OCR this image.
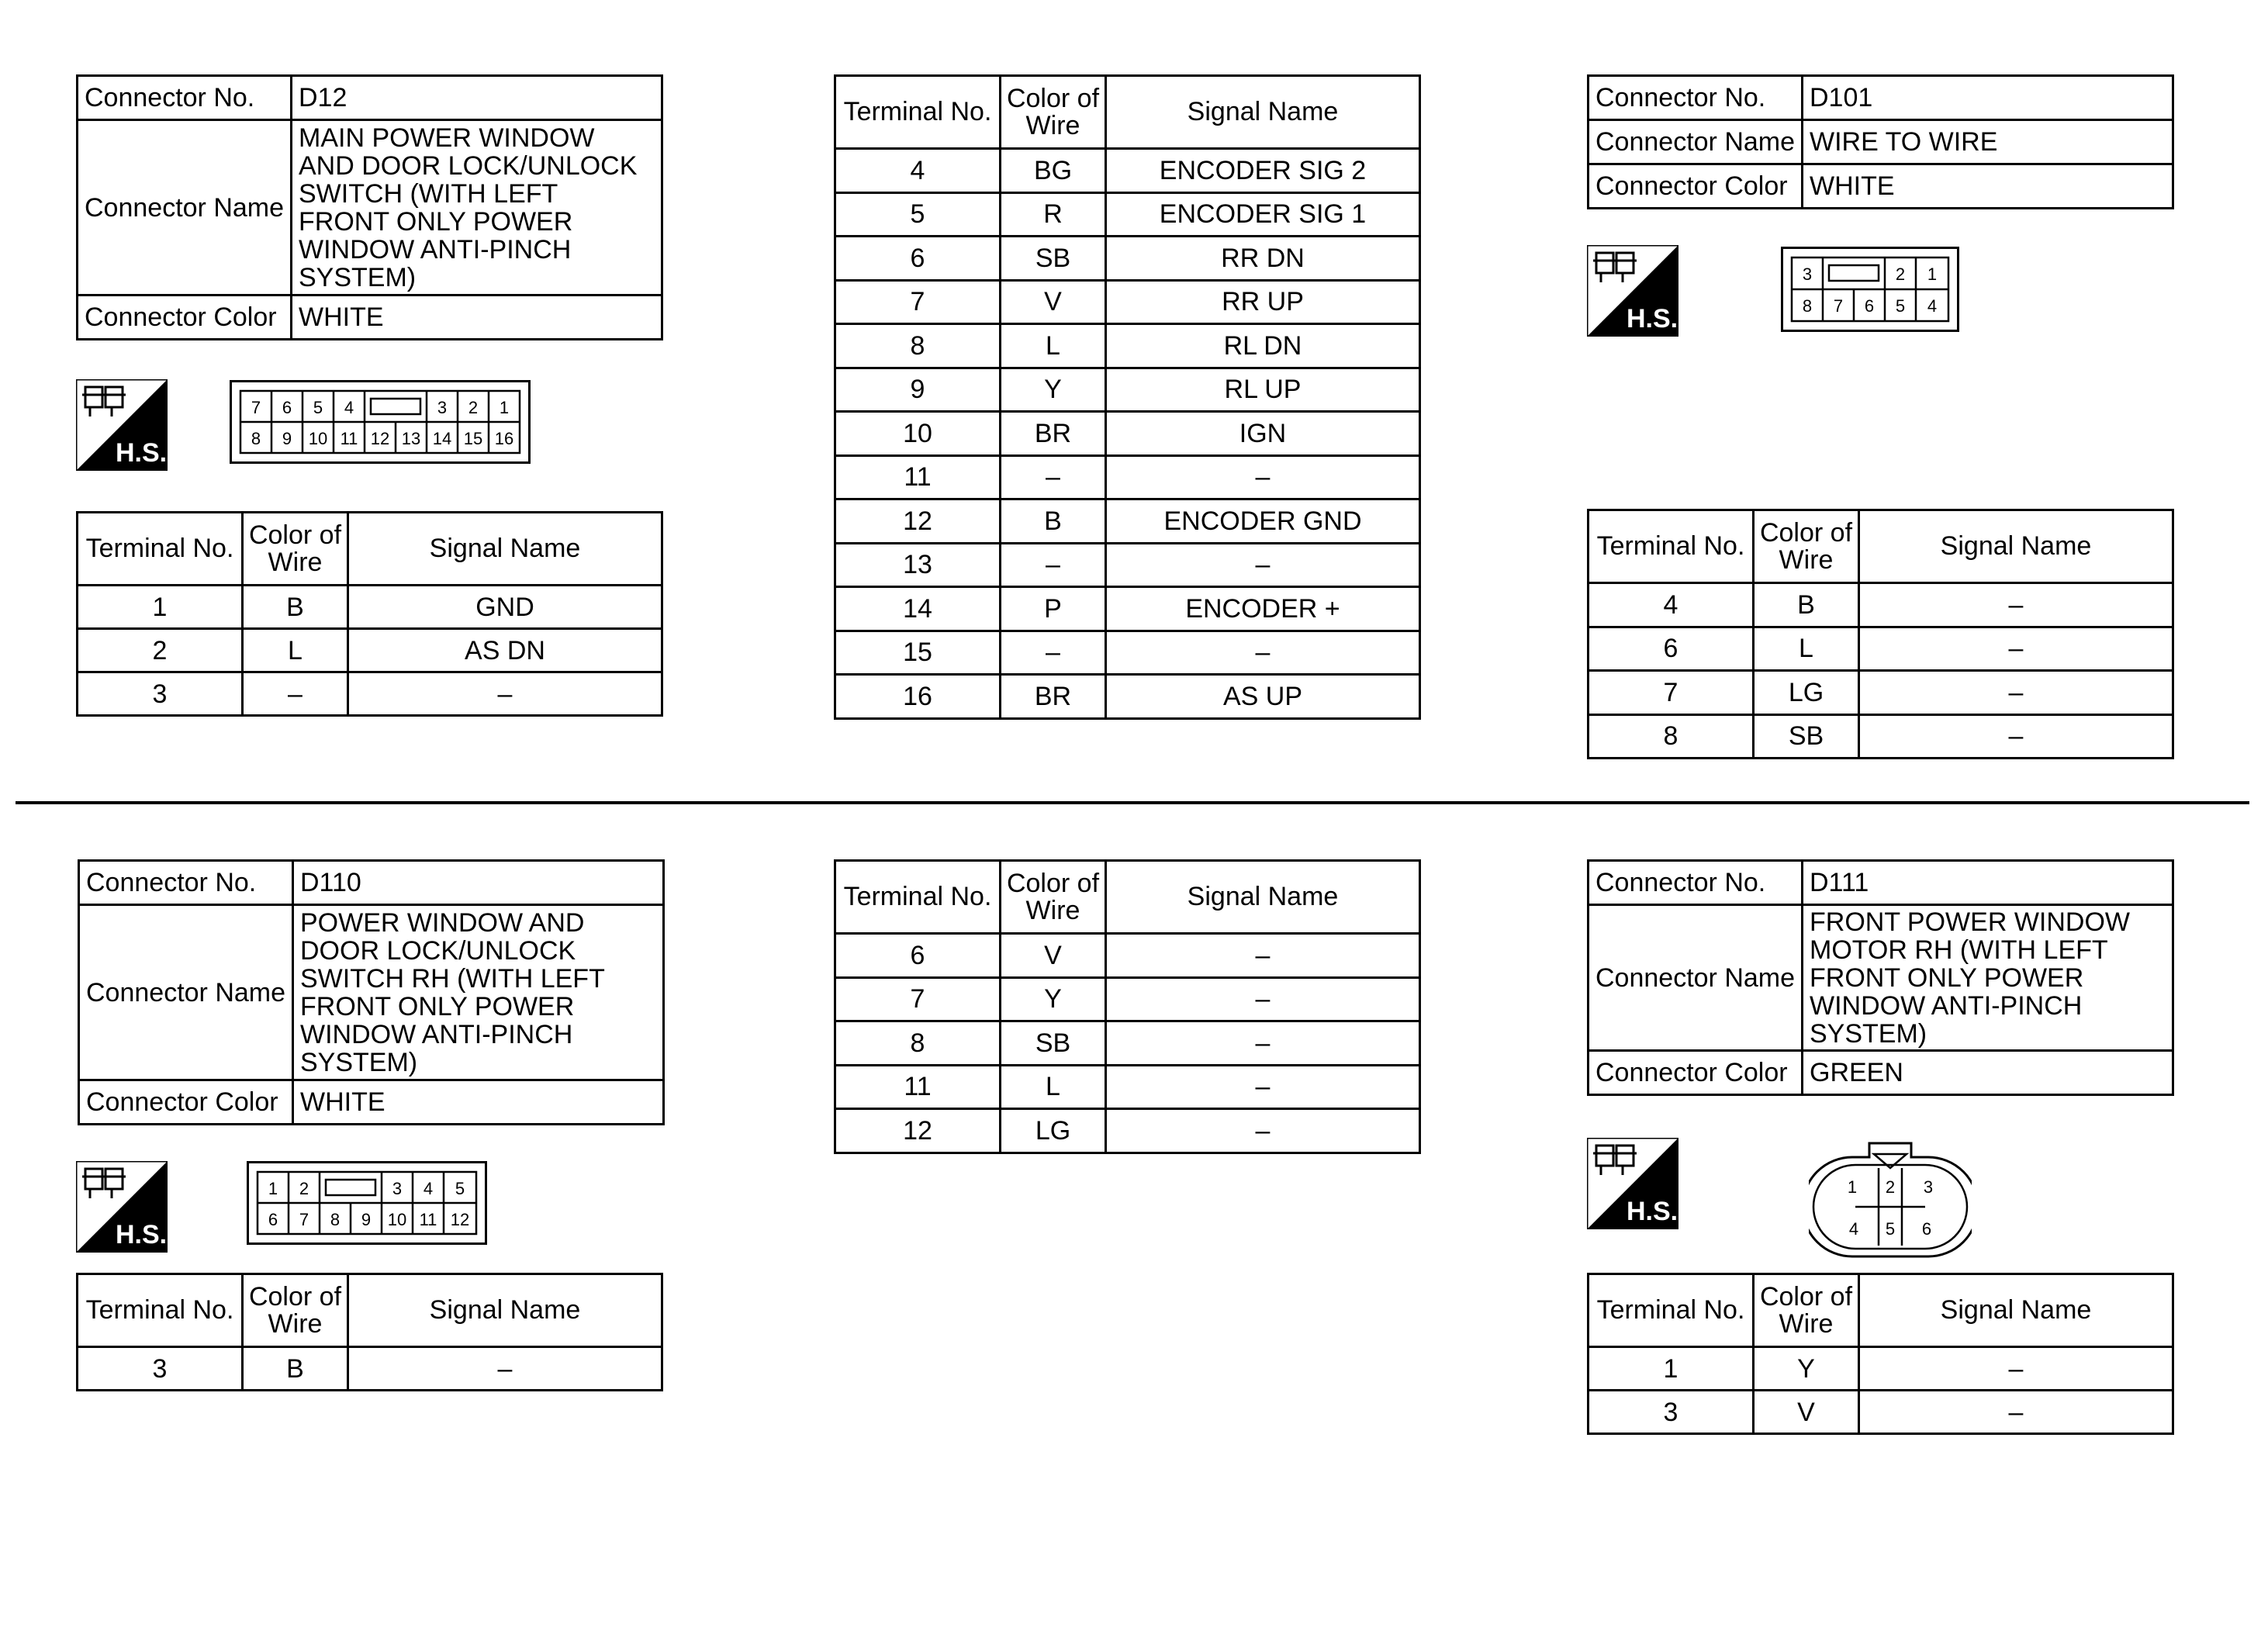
Connector No.	D12
Connector Name	MAIN POWER WINDOW AND DOOR LOCK/UNLOCK SWITCH (WITH LEFT FRONT ONLY POWER WINDOW ANTI-PINCH SYSTEM)
Connector Color	WHITE
H.S.
7 6 5 4	3 2 1
8 9 10 11 12 13 14 15 16
Terminal No.	Color of Wire	Signal Name
1	B	GND
2	L	AS DN
3	–	–
Terminal No.	Color of Wire	Signal Name
4	BG	ENCODER SIG 2
5	R	ENCODER SIG 1
6	SB	RR DN
7	V	RR UP
8	L	RL DN
9	Y	RL UP
10	BR	IGN
11	–	–
12	B	ENCODER GND
13	–	–
14	P	ENCODER +
15	–	–
16	BR	AS UP
Connector No.	D101
Connector Name	WIRE TO WIRE
Connector Color	WHITE
H.S.
3	2 1
8 7 6 5 4
Terminal No.	Color of Wire	Signal Name
4	B	–
6	L	–
7	LG	–
8	SB	–
Connector No.	D110
Connector Name	POWER WINDOW AND DOOR LOCK/UNLOCK SWITCH RH (WITH LEFT FRONT ONLY POWER WINDOW ANTI-PINCH SYSTEM)
Connector Color	WHITE
H.S.
1 2	3 4 5
6 7 8 9 10 11 12
Terminal No.	Color of Wire	Signal Name
3	B	–
Terminal No.	Color of Wire	Signal Name
6	V	–
7	Y	–
8	SB	–
11	L	–
12	LG	–
Connector No.	D111
Connector Name	FRONT POWER WINDOW MOTOR RH (WITH LEFT FRONT ONLY POWER WINDOW ANTI-PINCH SYSTEM)
Connector Color	GREEN
H.S.
1 2 3
4 5 6
Terminal No.	Color of Wire	Signal Name
1	Y	–
3	V	–
